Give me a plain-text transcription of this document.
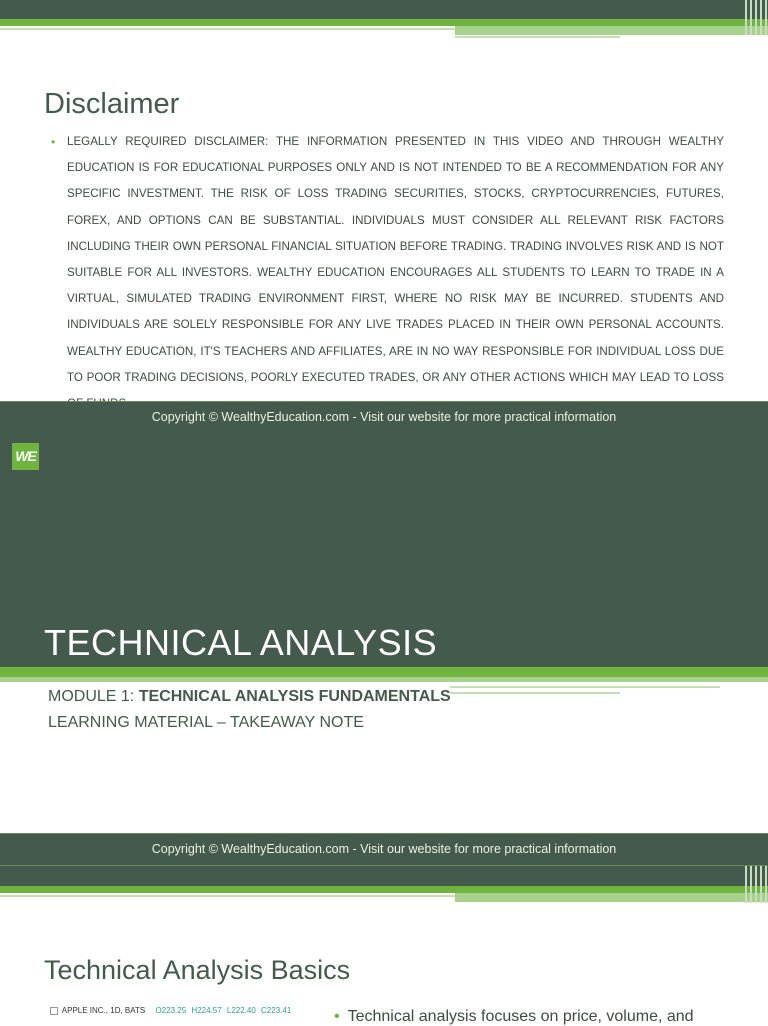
Disclaimer
• LEGALLY REQUIRED DISCLAIMER: THE INFORMATION PRESENTED IN THIS VIDEO AND THROUGH WEALTHY EDUCATION IS FOR EDUCATIONAL PURPOSES ONLY AND IS NOT INTENDED TO BE A RECOMMENDATION FOR ANY SPECIFIC INVESTMENT. THE RISK OF LOSS TRADING SECURITIES, STOCKS, CRYPTOCURRENCIES, FUTURES, FOREX, AND OPTIONS CAN BE SUBSTANTIAL. INDIVIDUALS MUST CONSIDER ALL RELEVANT RISK FACTORS INCLUDING THEIR OWN PERSONAL FINANCIAL SITUATION BEFORE TRADING. TRADING INVOLVES RISK AND IS NOT SUITABLE FOR ALL INVESTORS. WEALTHY EDUCATION ENCOURAGES ALL STUDENTS TO LEARN TO TRADE IN A VIRTUAL, SIMULATED TRADING ENVIRONMENT FIRST, WHERE NO RISK MAY BE INCURRED. STUDENTS AND INDIVIDUALS ARE SOLELY RESPONSIBLE FOR ANY LIVE TRADES PLACED IN THEIR OWN PERSONAL ACCOUNTS. WEALTHY EDUCATION, IT'S TEACHERS AND AFFILIATES, ARE IN NO WAY RESPONSIBLE FOR INDIVIDUAL LOSS DUE TO POOR TRADING DECISIONS, POORLY EXECUTED TRADES, OR ANY OTHER ACTIONS WHICH MAY LEAD TO LOSS
Copyright © WealthyEducation.com - Visit our website for more practical information
WE
TECHNICAL ANALYSIS
MODULE 1: TECHNICAL ANALYSIS FUNDAMENTALS
LEARNING MATERIAL – TAKEAWAY NOTE
Copyright © WealthyEducation.com - Visit our website for more practical information
Technical Analysis Basics
APPLE INC., 1D, BATS O223.25 H224.57 L222.40 C223.41	• Technical analysis focuses on price, volume, and
